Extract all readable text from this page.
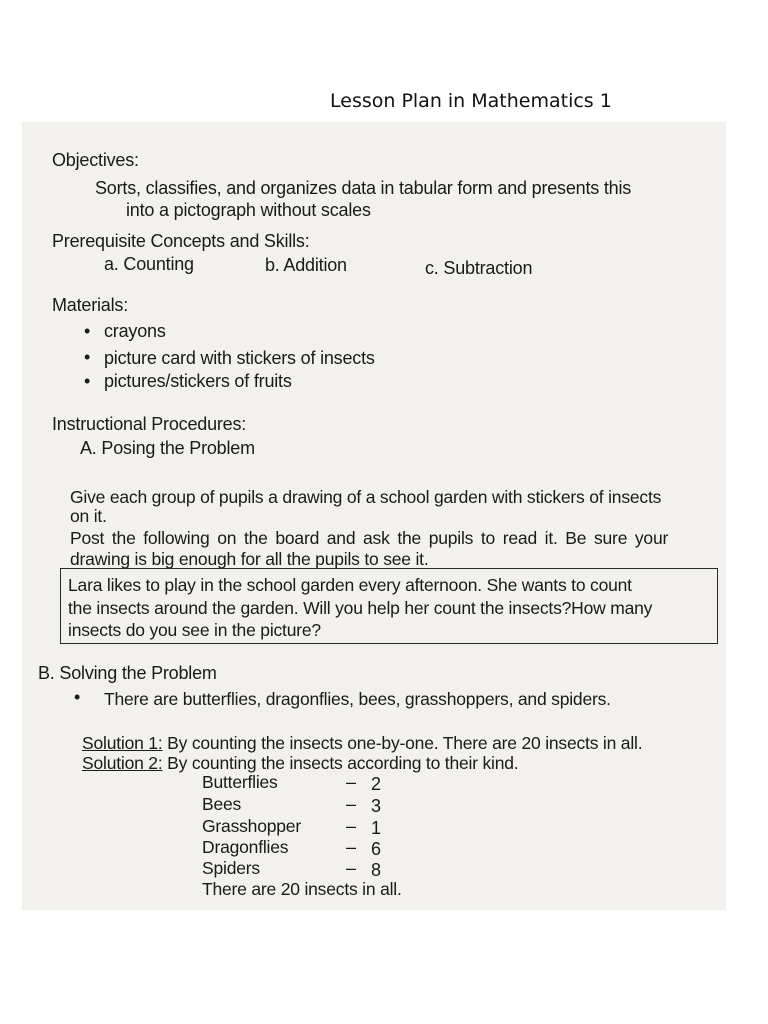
Lesson Plan in Mathematics 1
Objectives:
Sorts, classifies, and organizes data in tabular form and presents this
into a pictograph without scales
Prerequisite Concepts and Skills:
a. Counting	b. Addition	c. Subtraction
Materials:
• crayons
• picture card with stickers of insects
• pictures/stickers of fruits
Instructional Procedures:
A. Posing the Problem
Give each group of pupils a drawing of a school garden with stickers of insects
on it.
Post the following on the board and ask the pupils to read it. Be sure your
drawing is big enough for all the pupils to see it.
Lara likes to play in the school garden every afternoon. She wants to count
the insects around the garden. Will you help her count the insects?How many
insects do you see in the picture?
B. Solving the Problem
• There are butterflies, dragonflies, bees, grasshoppers, and spiders.
Solution 1: By counting the insects one-by-one. There are 20 insects in all.
Solution 2: By counting the insects according to their kind.
Butterflies	– 2
Bees	– 3
Grasshopper	– 1
Dragonflies	– 6
Spiders	– 8
There are 20 insects in all.
